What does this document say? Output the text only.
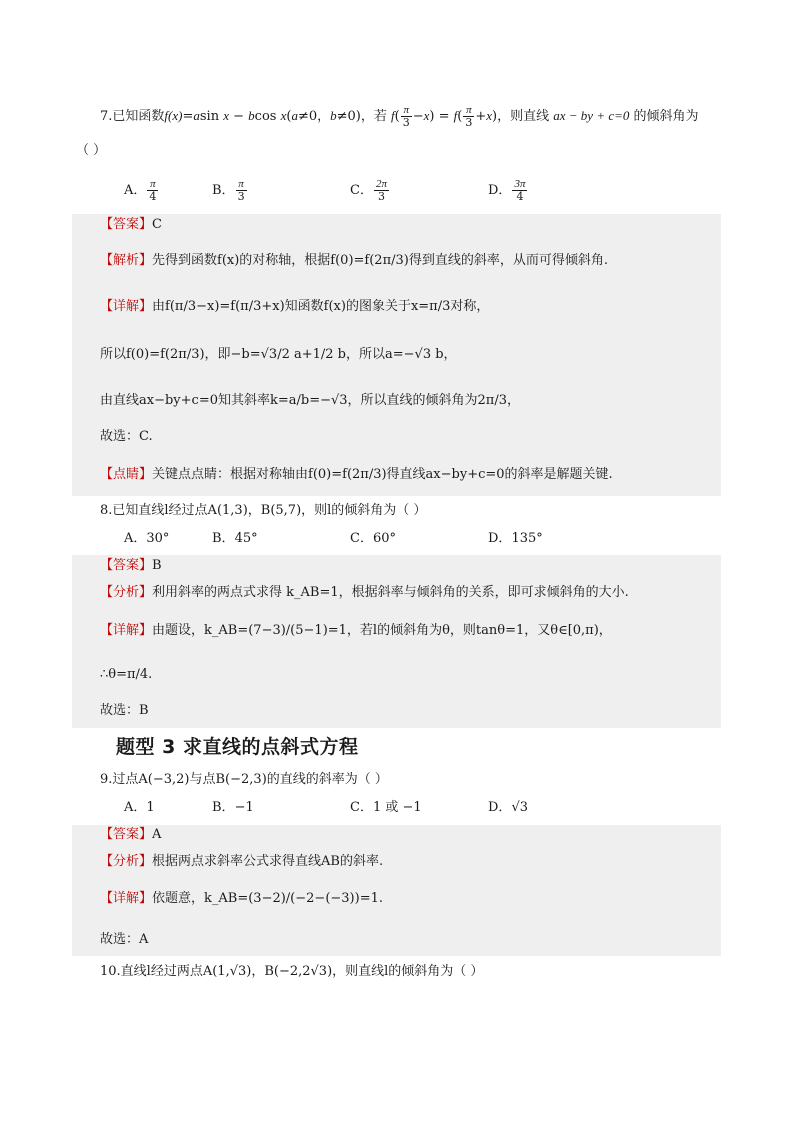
7.已知函数f(x)=asin x − bcos x(a≠0，b≠0)，若 $f( \frac{\pi}{3} -x) = f( \frac{\pi}{3} +x)$，则直线 ax − by + c=0 的倾斜角为
（ ）
A． $\frac{\pi}{4}$	B． $\frac{\pi}{3}$	C． $\frac{2\pi}{3}$	D． $\frac{3\pi}{4}$
【答案】C
【解析】先得到函数f(x)的对称轴，根据f(0)=f(2π/3)得到直线的斜率，从而可得倾斜角.
【详解】由f(π/3−x)=f(π/3+x)知函数f(x)的图象关于x=π/3对称，
所以f(0)=f(2π/3)，即−b=√3/2 a+1/2 b，所以a=−√3 b，
由直线ax−by+c=0知其斜率k=a/b=−√3，所以直线的倾斜角为2π/3，
故选：C.
【点睛】关键点点睛：根据对称轴由f(0)=f(2π/3)得直线ax−by+c=0的斜率是解题关键.
8.已知直线l经过点A(1,3)，B(5,7)，则l的倾斜角为（ ）
A．30°	B．45°	C．60°	D．135°
【答案】B
【分析】利用斜率的两点式求得 k_AB=1，根据斜率与倾斜角的关系，即可求倾斜角的大小.
【详解】由题设，k_AB=(7−3)/(5−1)=1，若l的倾斜角为θ，则tanθ=1，又θ∈[0,π)，
∴θ=π/4.
故选：B
题型 3 求直线的点斜式方程
9.过点A(−3,2)与点B(−2,3)的直线的斜率为（ ）
A．1	B．−1	C．1 或 −1	D．√3
【答案】A
【分析】根据两点求斜率公式求得直线AB的斜率.
【详解】依题意，k_AB=(3−2)/(−2−(−3))=1.
故选：A
10.直线l经过两点A(1,√3)，B(−2,2√3)，则直线l的倾斜角为（ ）
